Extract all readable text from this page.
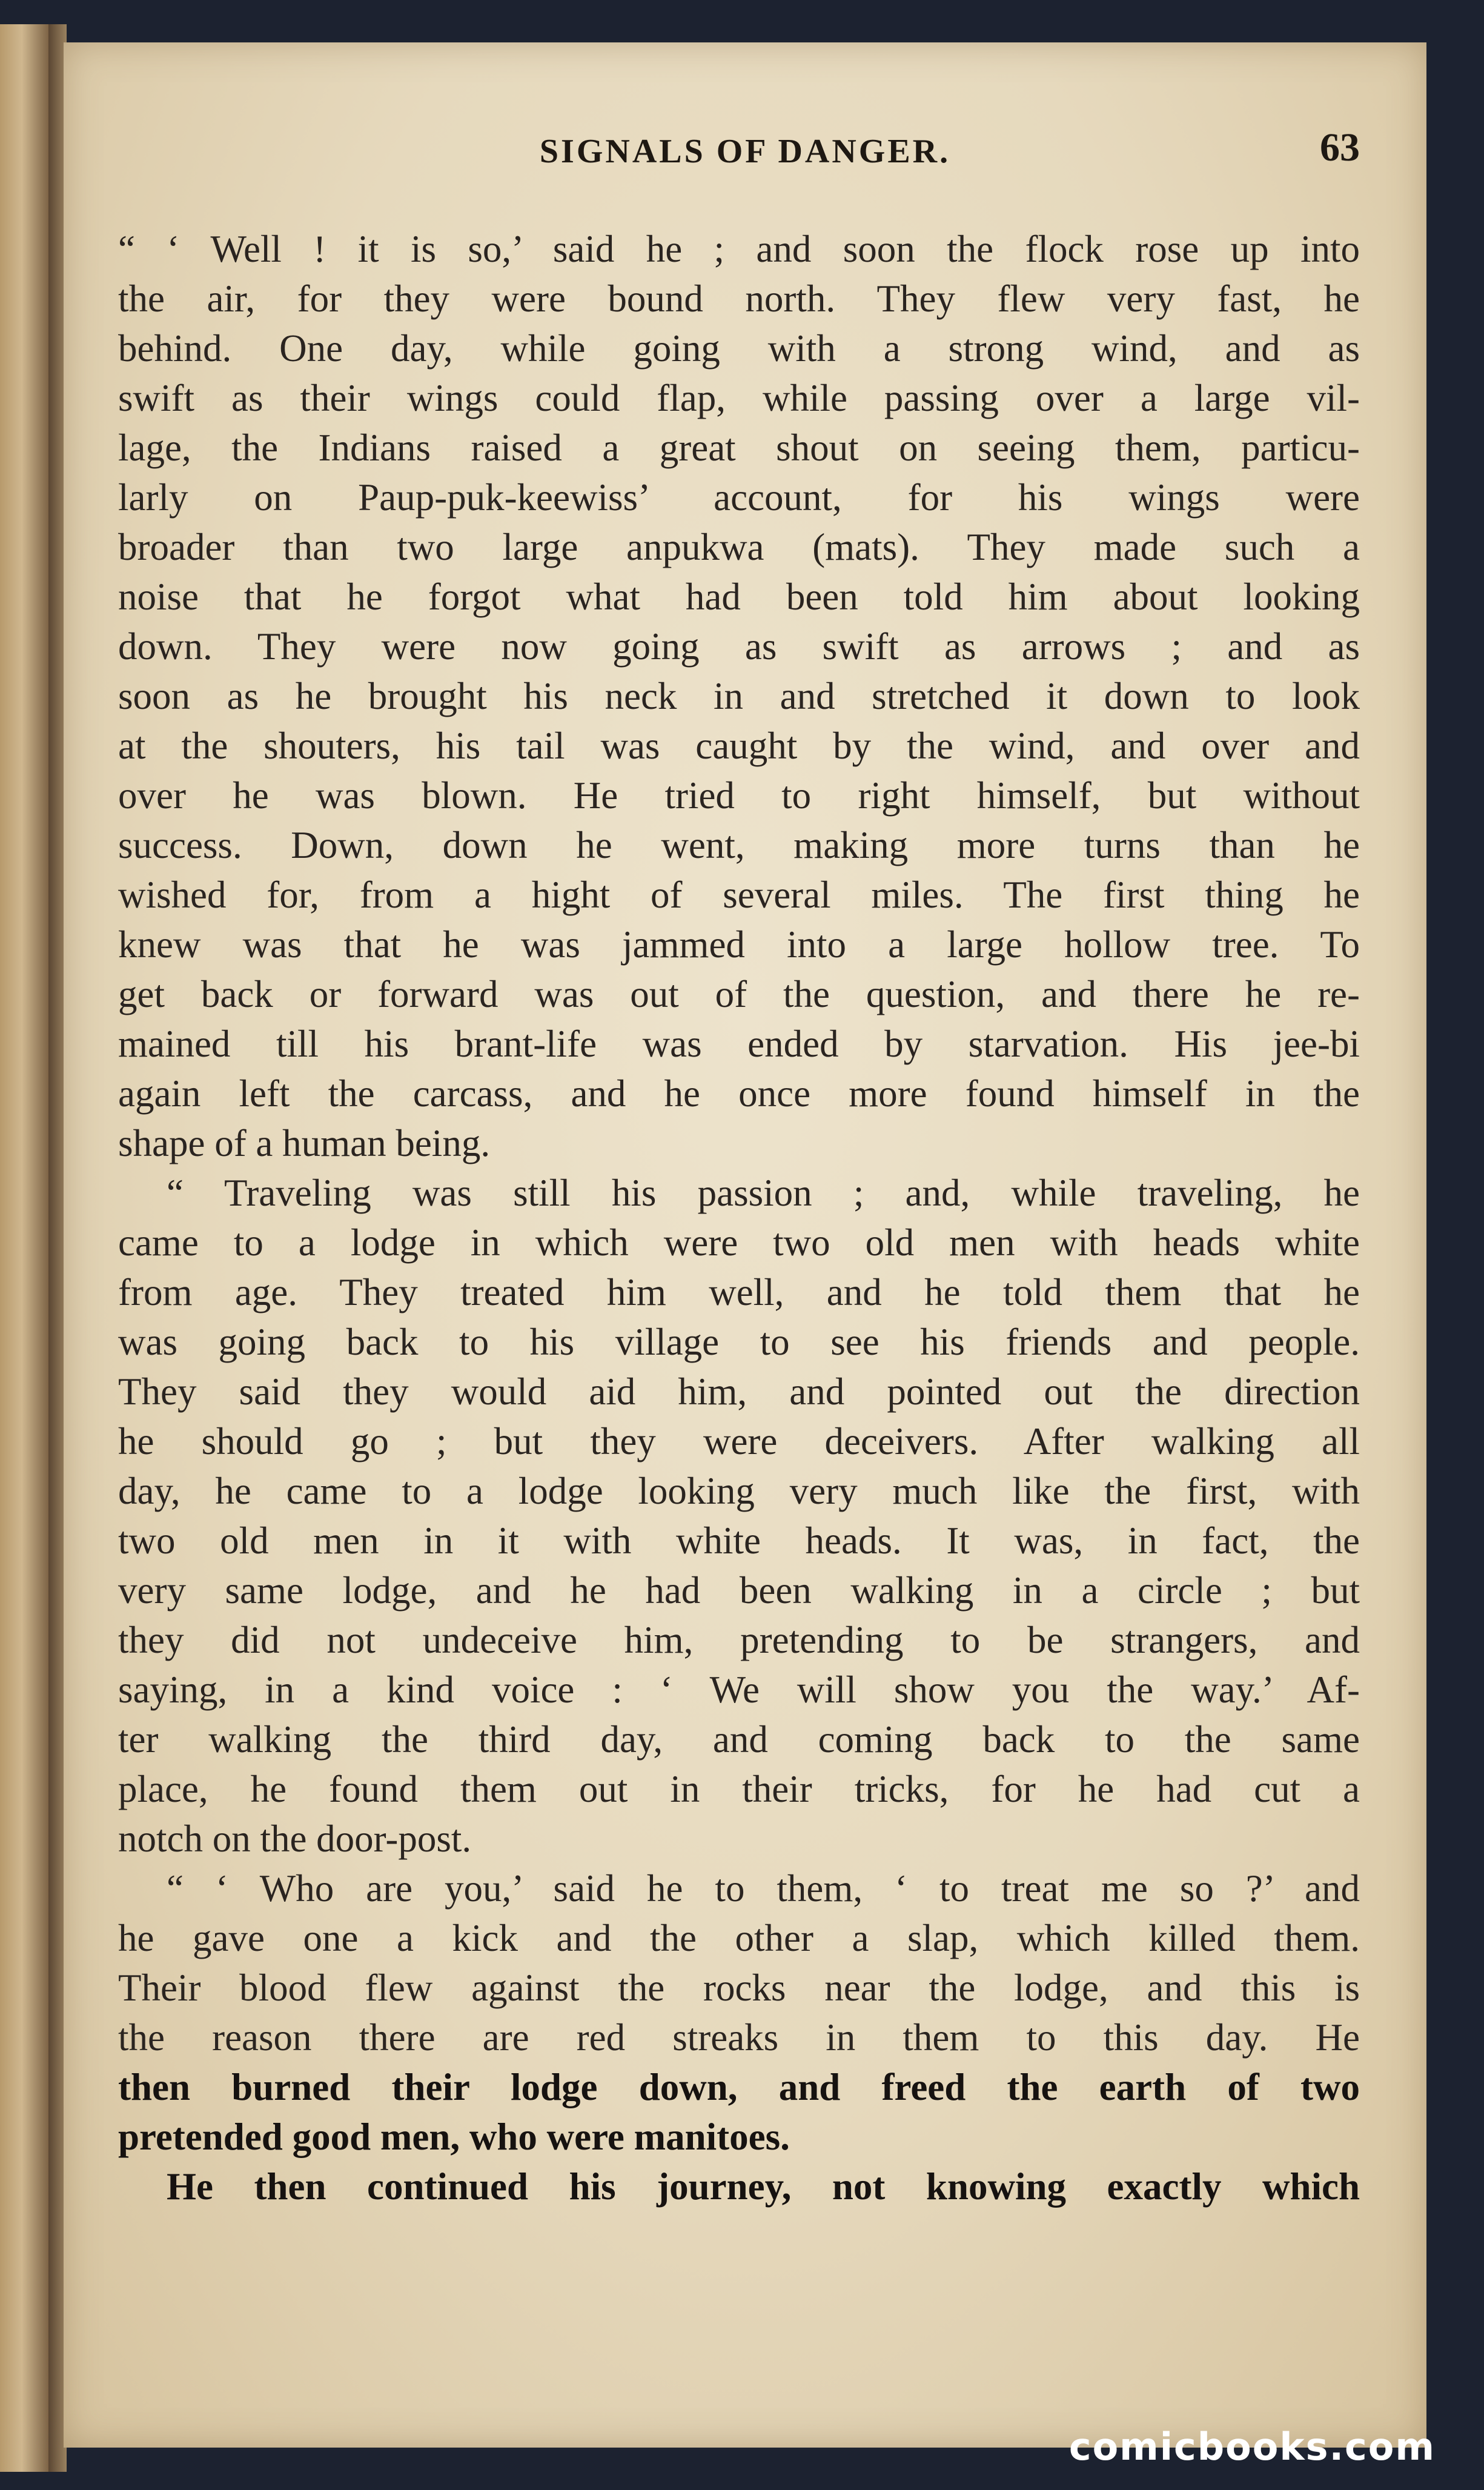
SIGNALS OF DANGER.	63
“ ‘ Well ! it is so,’ said he ; and soon the flock rose up into
the air, for they were bound north. They flew very fast, he
behind. One day, while going with a strong wind, and as
swift as their wings could flap, while passing over a large vil-
lage, the Indians raised a great shout on seeing them, particu-
larly on Paup-puk-keewiss’ account, for his wings were
broader than two large anpukwa (mats). They made such a
noise that he forgot what had been told him about looking
down. They were now going as swift as arrows ; and as
soon as he brought his neck in and stretched it down to look
at the shouters, his tail was caught by the wind, and over and
over he was blown. He tried to right himself, but without
success. Down, down he went, making more turns than he
wished for, from a hight of several miles. The first thing he
knew was that he was jammed into a large hollow tree. To
get back or forward was out of the question, and there he re-
mained till his brant-life was ended by starvation. His jee-bi
again left the carcass, and he once more found himself in the
shape of a human being.
“ Traveling was still his passion ; and, while traveling, he
came to a lodge in which were two old men with heads white
from age. They treated him well, and he told them that he
was going back to his village to see his friends and people.
They said they would aid him, and pointed out the direction
he should go ; but they were deceivers. After walking all
day, he came to a lodge looking very much like the first, with
two old men in it with white heads. It was, in fact, the
very same lodge, and he had been walking in a circle ; but
they did not undeceive him, pretending to be strangers, and
saying, in a kind voice : ‘ We will show you the way.’ Af-
ter walking the third day, and coming back to the same
place, he found them out in their tricks, for he had cut a
notch on the door-post.
“ ‘ Who are you,’ said he to them, ‘ to treat me so ?’ and
he gave one a kick and the other a slap, which killed them.
Their blood flew against the rocks near the lodge, and this is
the reason there are red streaks in them to this day. He
then burned their lodge down, and freed the earth of two
pretended good men, who were manitoes.
He then continued his journey, not knowing exactly which
comicbooks.com
